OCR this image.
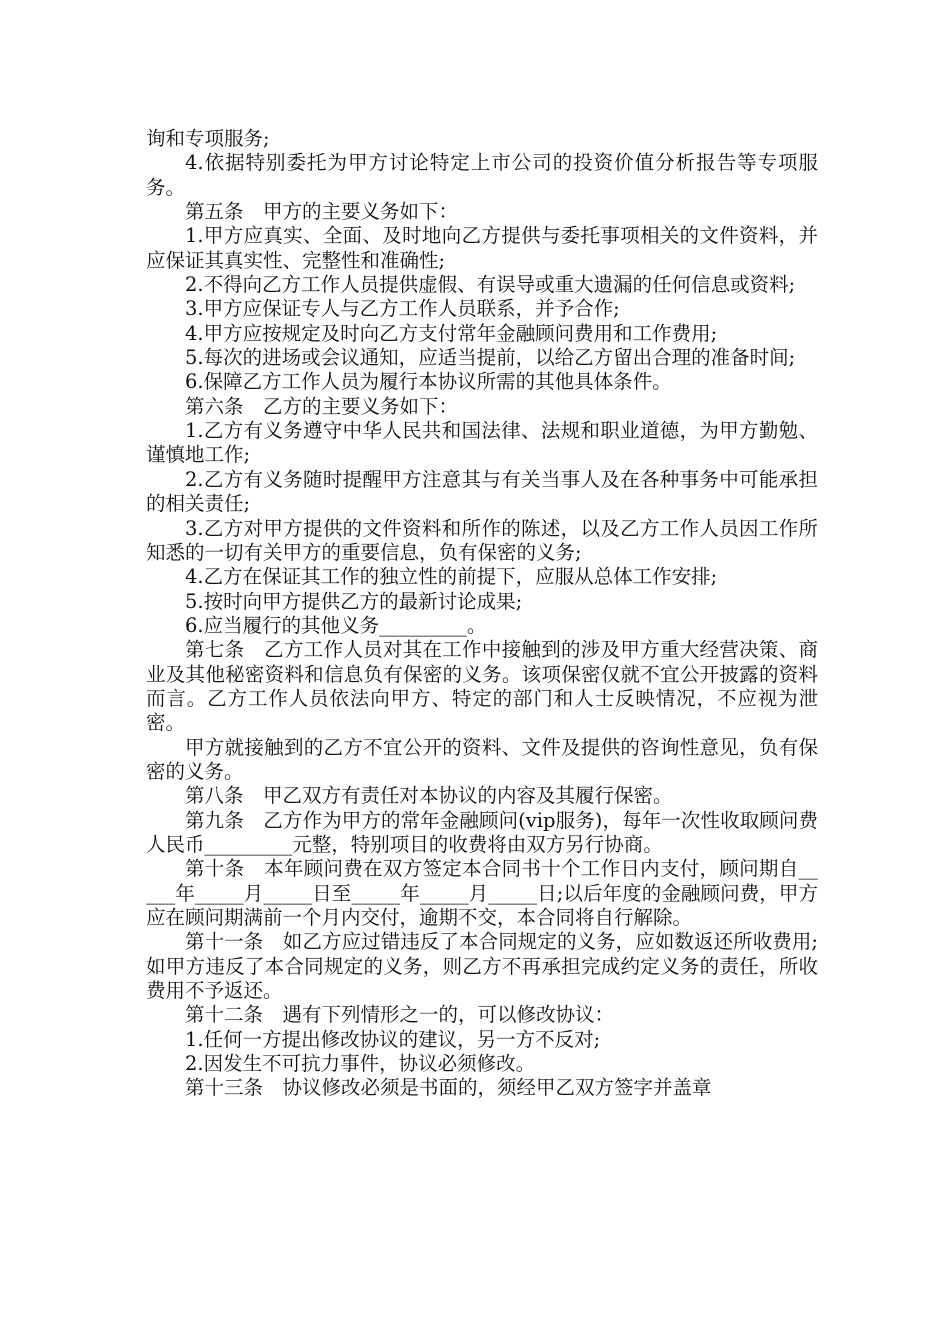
询和专项服务;

4.依据特别委托为甲方讨论特定上市公司的投资价值分析报告等专项服务。

第五条　甲方的主要义务如下：

1.甲方应真实、全面、及时地向乙方提供与委托事项相关的文件资料，并应保证其真实性、完整性和准确性;

2.不得向乙方工作人员提供虚假、有误导或重大遗漏的任何信息或资料;

3.甲方应保证专人与乙方工作人员联系，并予合作;

4.甲方应按规定及时向乙方支付常年金融顾问费用和工作费用;

5.每次的进场或会议通知，应适当提前，以给乙方留出合理的准备时间;

6.保障乙方工作人员为履行本协议所需的其他具体条件。

第六条　乙方的主要义务如下：

1.乙方有义务遵守中华人民共和国法律、法规和职业道德，为甲方勤勉、谨慎地工作;

2.乙方有义务随时提醒甲方注意其与有关当事人及在各种事务中可能承担的相关责任;

3.乙方对甲方提供的文件资料和所作的陈述，以及乙方工作人员因工作所知悉的一切有关甲方的重要信息，负有保密的义务;

4.乙方在保证其工作的独立性的前提下，应服从总体工作安排;

5.按时向甲方提供乙方的最新讨论成果;

6.应当履行的其他义务_________。

第七条　乙方工作人员对其在工作中接触到的涉及甲方重大经营决策、商业及其他秘密资料和信息负有保密的义务。该项保密仅就不宜公开披露的资料而言。乙方工作人员依法向甲方、特定的部门和人士反映情况，不应视为泄密。

甲方就接触到的乙方不宜公开的资料、文件及提供的咨询性意见，负有保密的义务。

第八条　甲乙双方有责任对本协议的内容及其履行保密。

第九条　乙方作为甲方的常年金融顾问(vip服务)，每年一次性收取顾问费人民币_________元整，特别项目的收费将由双方另行协商。

第十条　本年顾问费在双方签定本合同书十个工作日内支付，顾问期自_____年_____月_____日至_____年_____月_____日;以后年度的金融顾问费，甲方应在顾问期满前一个月内交付，逾期不交，本合同将自行解除。

第十一条　如乙方应过错违反了本合同规定的义务，应如数返还所收费用;如甲方违反了本合同规定的义务，则乙方不再承担完成约定义务的责任，所收费用不予返还。

第十二条　遇有下列情形之一的，可以修改协议：

1.任何一方提出修改协议的建议，另一方不反对;

2.因发生不可抗力事件，协议必须修改。

第十三条　协议修改必须是书面的，须经甲乙双方签字并盖章
